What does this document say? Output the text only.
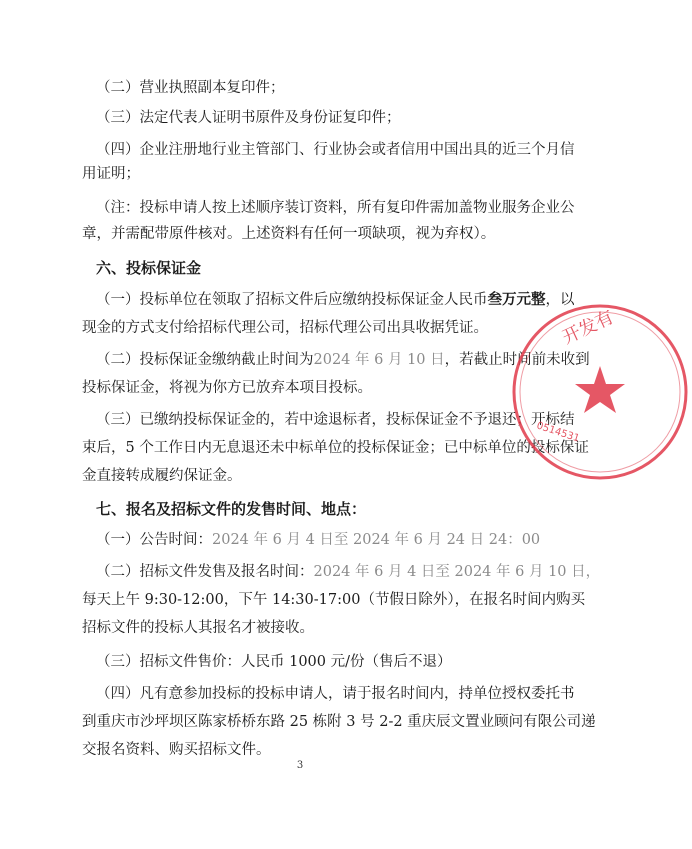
（二）营业执照副本复印件；
（三）法定代表人证明书原件及身份证复印件；
（四）企业注册地行业主管部门、行业协会或者信用中国出具的近三个月信
用证明；
（注：投标申请人按上述顺序装订资料，所有复印件需加盖物业服务企业公
章，并需配带原件核对。上述资料有任何一项缺项，视为弃权）。
六、投标保证金
（一）投标单位在领取了招标文件后应缴纳投标保证金人民币叁万元整，以
现金的方式支付给招标代理公司，招标代理公司出具收据凭证。
（二）投标保证金缴纳截止时间为2024 年 6 月 10 日，若截止时间前未收到
投标保证金，将视为你方已放弃本项目投标。
（三）已缴纳投标保证金的，若中途退标者，投标保证金不予退还；开标结
束后，5 个工作日内无息退还未中标单位的投标保证金；已中标单位的投标保证
金直接转成履约保证金。
七、报名及招标文件的发售时间、地点：
（一）公告时间：2024 年 6 月 4 日至 2024 年 6 月 24 日 24：00
（二）招标文件发售及报名时间：2024 年 6 月 4 日至 2024 年 6 月 10 日，
每天上午 9:30-12:00，下午 14:30-17:00（节假日除外），在报名时间内购买
招标文件的投标人其报名才被接收。
（三）招标文件售价：人民币 1000 元/份（售后不退）
（四）凡有意参加投标的投标申请人，请于报名时间内，持单位授权委托书
到重庆市沙坪坝区陈家桥桥东路 25 栋附 3 号 2-2 重庆辰文置业顾问有限公司递
交报名资料、购买招标文件。
3
开发有
0514531
